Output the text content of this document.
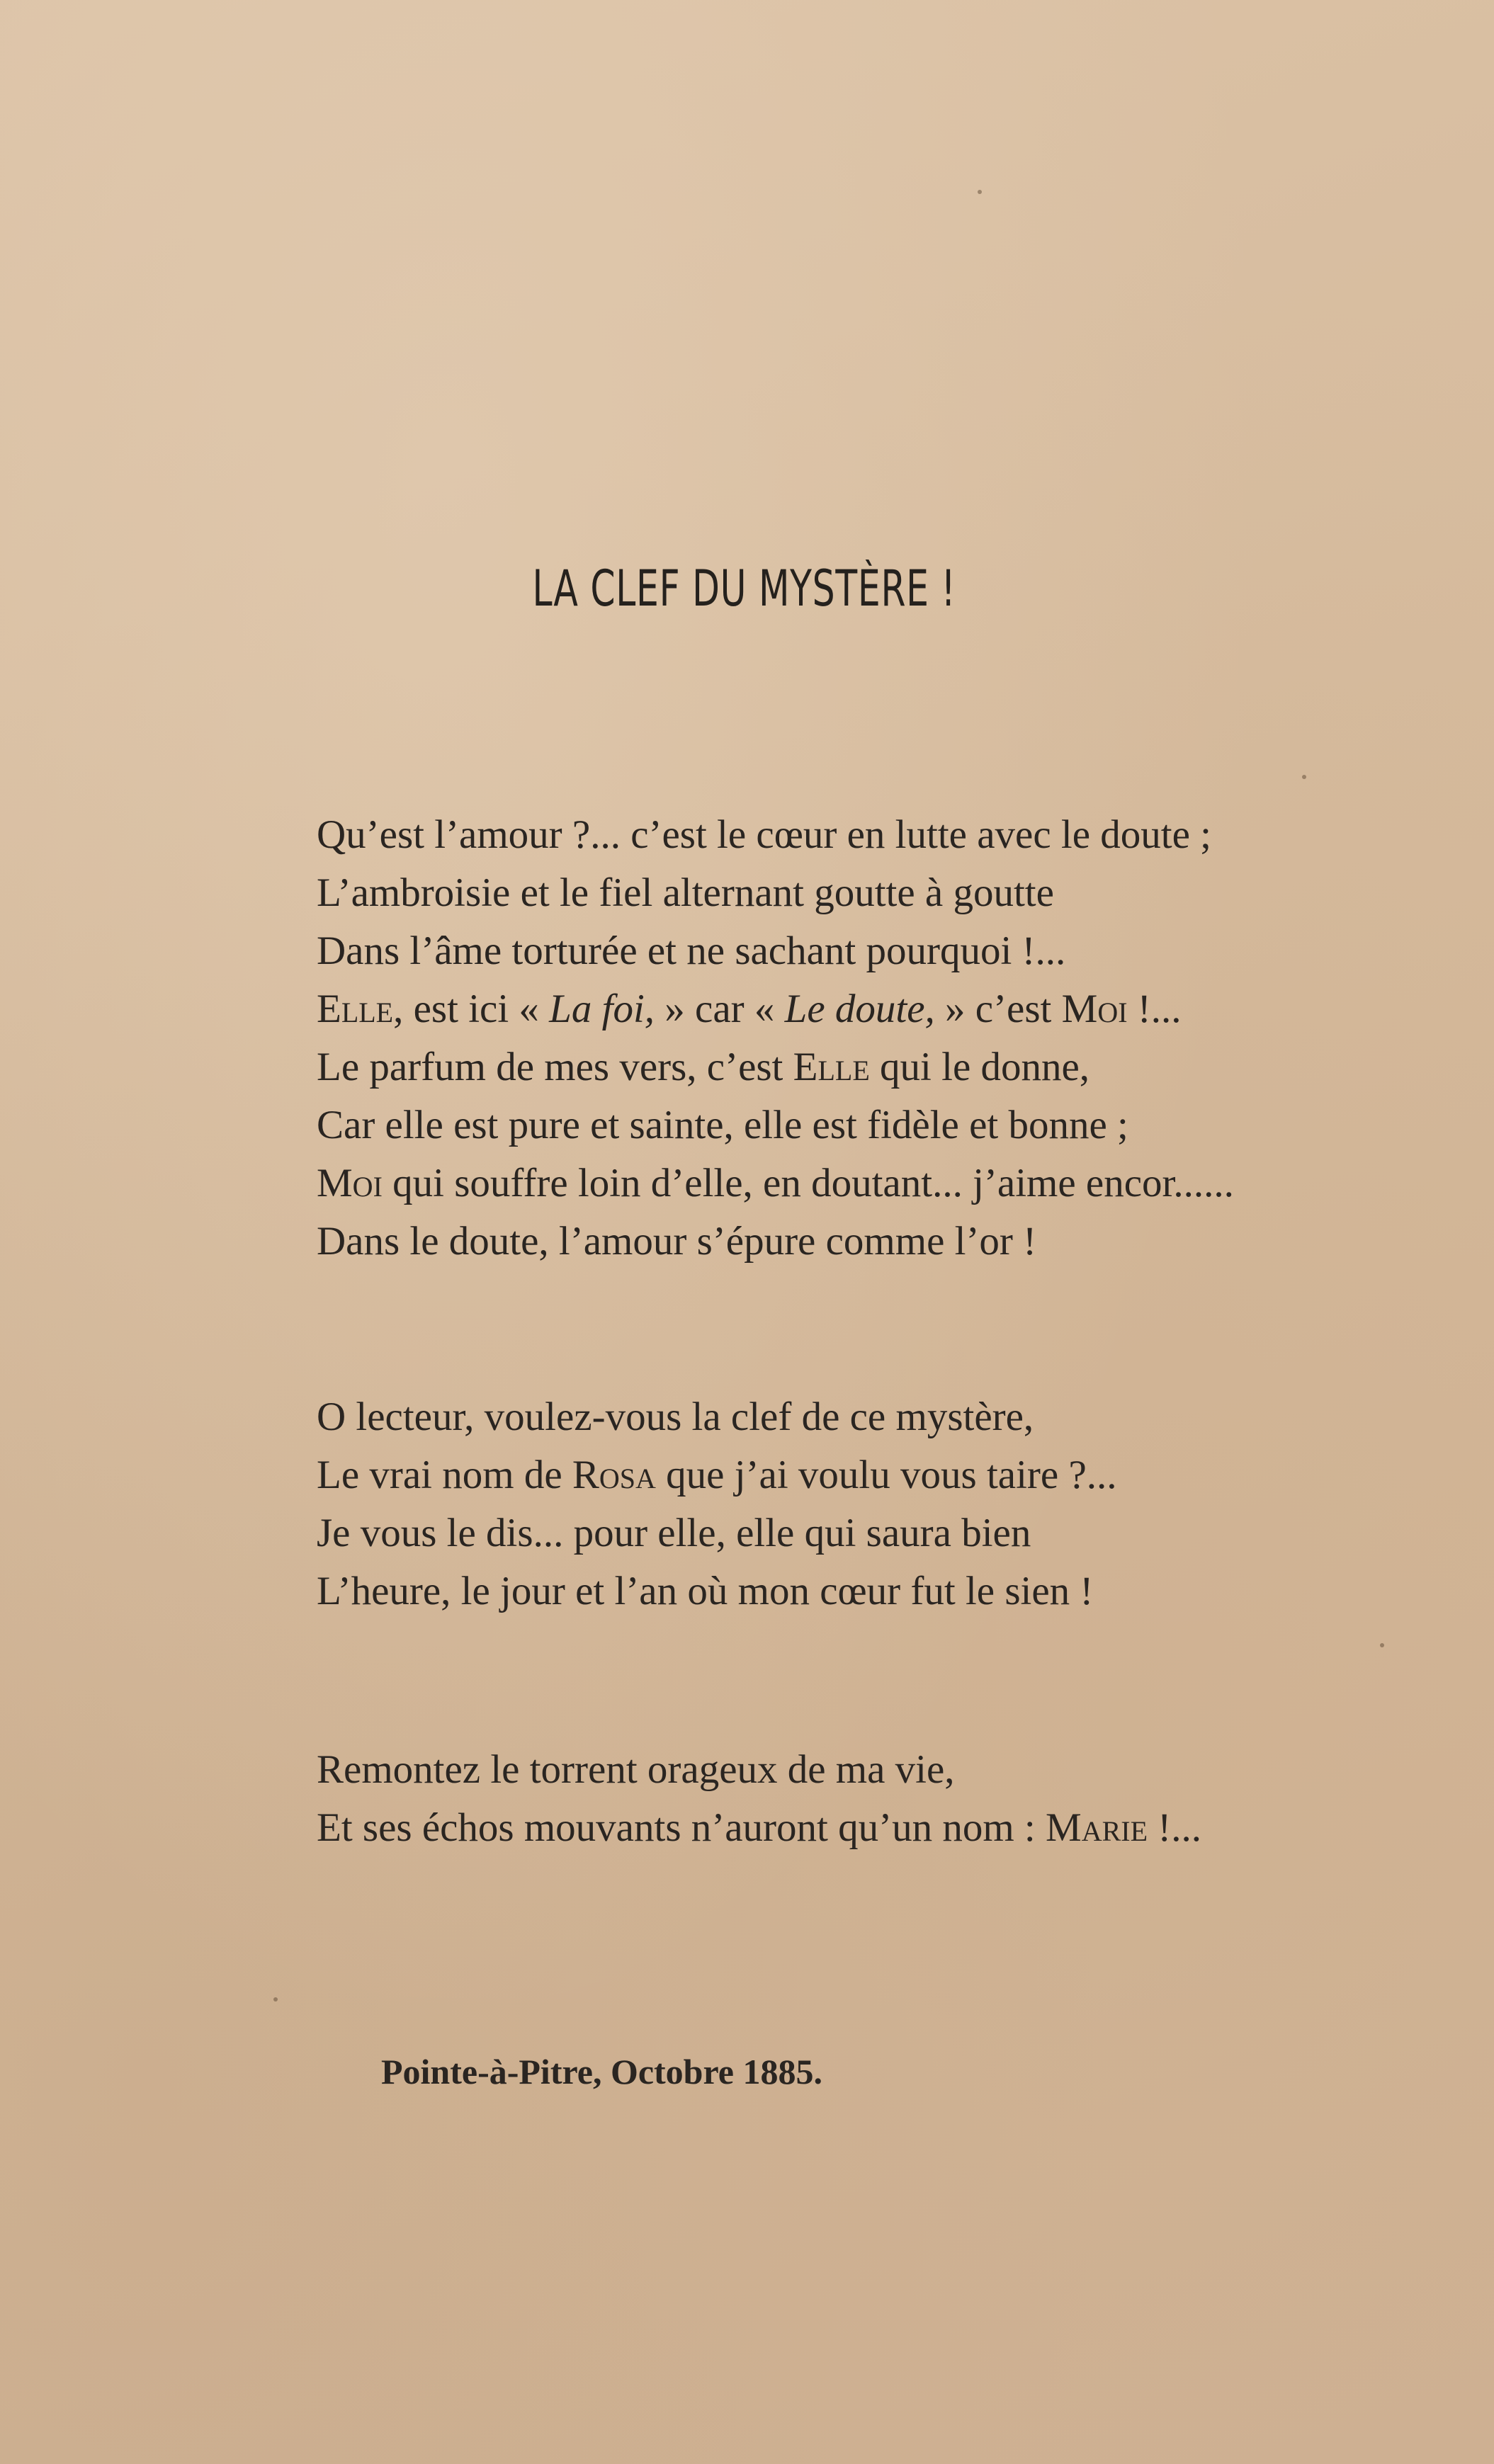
LA CLEF DU MYSTÈRE !
Qu’est l’amour ?... c’est le cœur en lutte avec le doute ;
L’ambroisie et le fiel alternant goutte à goutte
Dans l’âme torturée et ne sachant pourquoi !...
Elle, est ici « La foi, » car « Le doute, » c’est Moi !...
Le parfum de mes vers, c’est Elle qui le donne,
Car elle est pure et sainte, elle est fidèle et bonne ;
Moi qui souffre loin d’elle, en doutant... j’aime encor......
Dans le doute, l’amour s’épure comme l’or !
O lecteur, voulez-vous la clef de ce mystère,
Le vrai nom de Rosa que j’ai voulu vous taire ?...
Je vous le dis... pour elle, elle qui saura bien
L’heure, le jour et l’an où mon cœur fut le sien !
Remontez le torrent orageux de ma vie,
Et ses échos mouvants n’auront qu’un nom : Marie !...
Pointe-à-Pitre, Octobre 1885.
